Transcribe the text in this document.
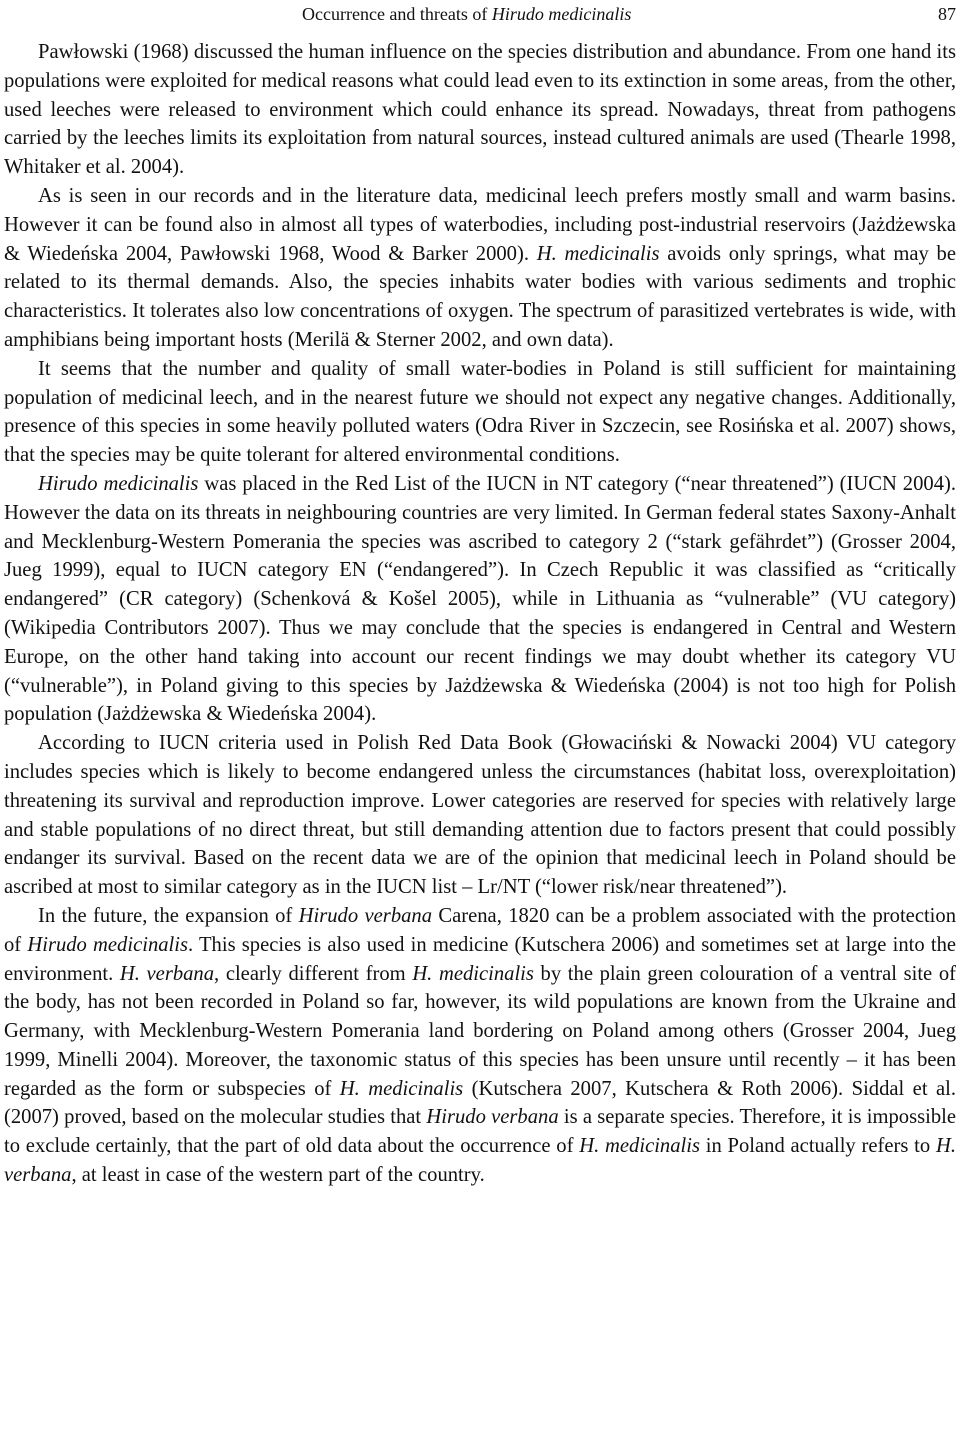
Occurrence and threats of Hirudo medicinalis	87

Pawłowski (1968) discussed the human influence on the species distribution and abundance. From one hand its populations were exploited for medical reasons what could lead even to its extinction in some areas, from the other, used leeches were released to environment which could enhance its spread. Nowadays, threat from pathogens carried by the leeches limits its exploitation from natural sources, instead cultured animals are used (Thearle 1998, Whitaker et al. 2004).

As is seen in our records and in the literature data, medicinal leech prefers mostly small and warm basins. However it can be found also in almost all types of waterbodies, including post-industrial reservoirs (Jażdżewska & Wiedeńska 2004, Pawłowski 1968, Wood & Barker 2000). H. medicinalis avoids only springs, what may be related to its thermal demands. Also, the species inhabits water bodies with various sediments and trophic characteristics. It tolerates also low concentrations of oxygen. The spectrum of parasitized vertebrates is wide, with amphibians being important hosts (Merilä & Sterner 2002, and own data).

It seems that the number and quality of small water-bodies in Poland is still sufficient for maintaining population of medicinal leech, and in the nearest future we should not expect any negative changes. Additionally, presence of this species in some heavily polluted waters (Odra River in Szczecin, see Rosińska et al. 2007) shows, that the species may be quite tolerant for altered environmental conditions.

Hirudo medicinalis was placed in the Red List of the IUCN in NT category (“near threatened”) (IUCN 2004). However the data on its threats in neighbouring countries are very limited. In German federal states Saxony-Anhalt and Mecklenburg-Western Pomerania the species was ascribed to category 2 (“stark gefährdet”) (Grosser 2004, Jueg 1999), equal to IUCN category EN (“endangered”). In Czech Republic it was classified as “critically endangered” (CR category) (Schenková & Košel 2005), while in Lithuania as “vulnerable” (VU category) (Wikipedia Contributors 2007). Thus we may conclude that the species is endangered in Central and Western Europe, on the other hand taking into account our recent findings we may doubt whether its category VU (“vulnerable”), in Poland giving to this species by Jażdżewska & Wiedeńska (2004) is not too high for Polish population (Jażdżewska & Wiedeńska 2004).

According to IUCN criteria used in Polish Red Data Book (Głowaciński & Nowacki 2004) VU category includes species which is likely to become endangered unless the circumstances (habitat loss, overexploitation) threatening its survival and reproduction improve. Lower categories are reserved for species with relatively large and stable populations of no direct threat, but still demanding attention due to factors present that could possibly endanger its survival. Based on the recent data we are of the opinion that medicinal leech in Poland should be ascribed at most to similar category as in the IUCN list – Lr/NT (“lower risk/near threatened”).

In the future, the expansion of Hirudo verbana Carena, 1820 can be a problem associated with the protection of Hirudo medicinalis. This species is also used in medicine (Kutschera 2006) and sometimes set at large into the environment. H. verbana, clearly different from H. medicinalis by the plain green colouration of a ventral site of the body, has not been recorded in Poland so far, however, its wild populations are known from the Ukraine and Germany, with Mecklenburg-Western Pomerania land bordering on Poland among others (Grosser 2004, Jueg 1999, Minelli 2004). Moreover, the taxonomic status of this species has been unsure until recently – it has been regarded as the form or subspecies of H. medicinalis (Kutschera 2007, Kutschera & Roth 2006). Siddal et al. (2007) proved, based on the molecular studies that Hirudo verbana is a separate species. Therefore, it is impossible to exclude certainly, that the part of old data about the occurrence of H. medicinalis in Poland actually refers to H. verbana, at least in case of the western part of the country.
